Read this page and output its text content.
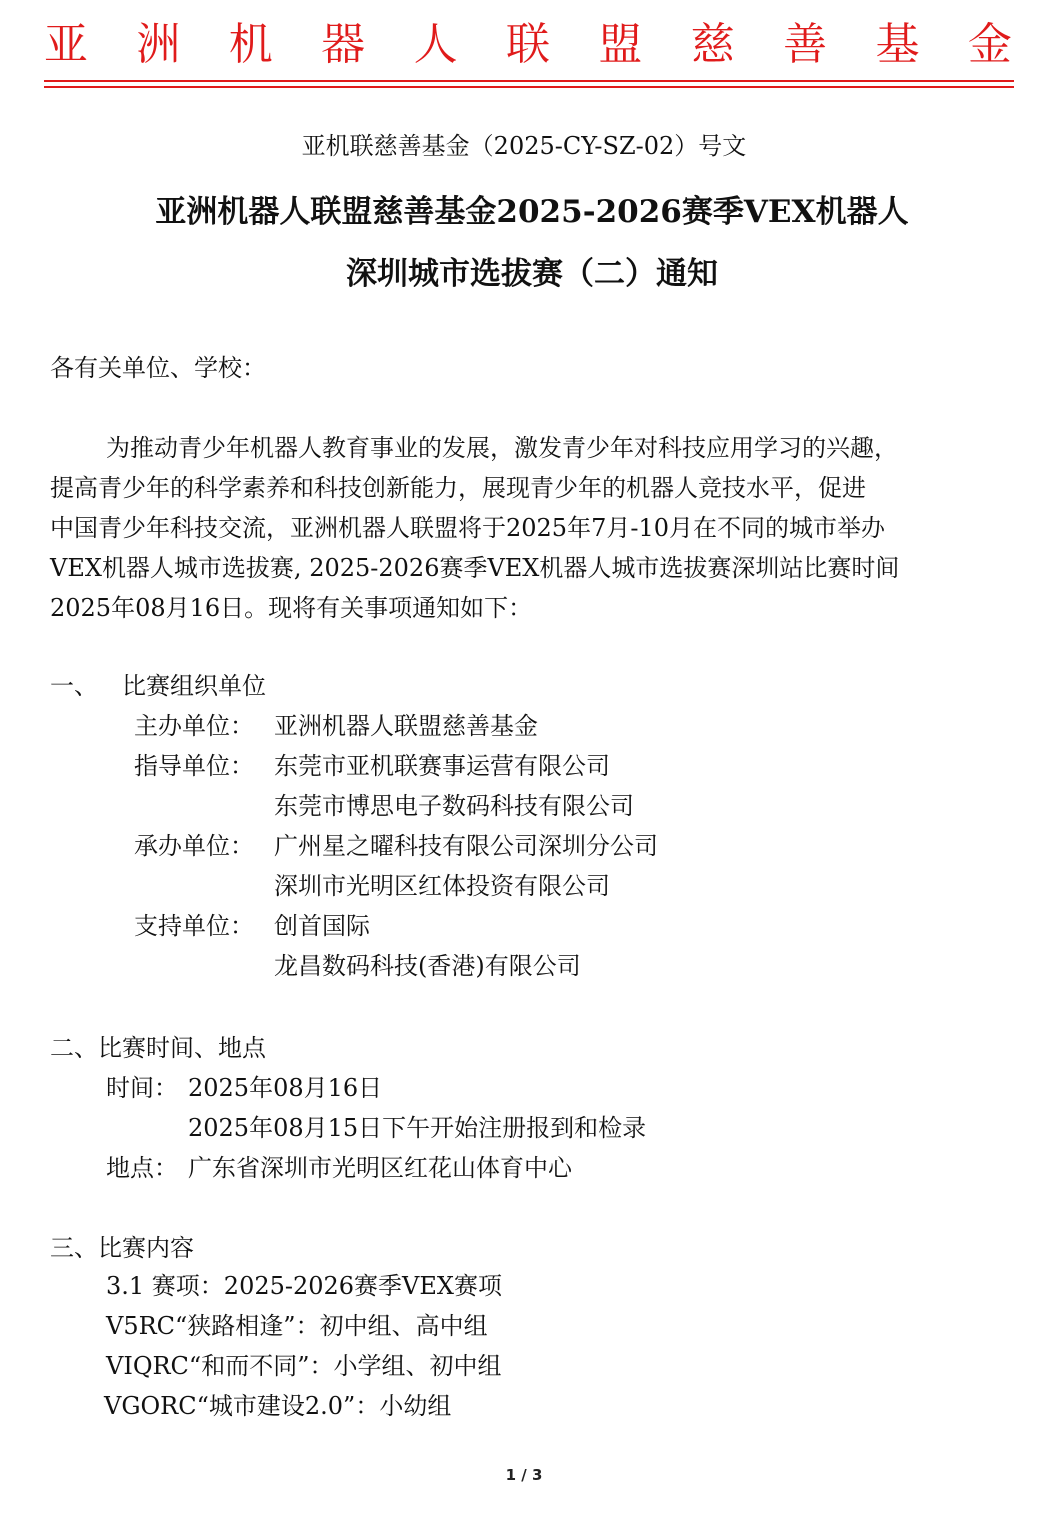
亚 洲 机 器 人 联 盟 慈 善 基 金
亚机联慈善基金（2025-CY-SZ-02）号文
亚洲机器人联盟慈善基金2025-2026赛季VEX机器人
深圳城市选拔赛（二）通知
各有关单位、学校：
为推动青少年机器人教育事业的发展，激发青少年对科技应用学习的兴趣，
提高青少年的科学素养和科技创新能力，展现青少年的机器人竞技水平，促进
中国青少年科技交流，亚洲机器人联盟将于2025年7月-10月在不同的城市举办
VEX机器人城市选拔赛, 2025-2026赛季VEX机器人城市选拔赛深圳站比赛时间
2025年08月16日。现将有关事项通知如下：
一、 比赛组织单位
主办单位： 亚洲机器人联盟慈善基金
指导单位： 东莞市亚机联赛事运营有限公司
东莞市博思电子数码科技有限公司
承办单位： 广州星之曜科技有限公司深圳分公司
深圳市光明区红体投资有限公司
支持单位： 创首国际
龙昌数码科技(香港)有限公司
二、比赛时间、地点
时间： 2025年08月16日
2025年08月15日下午开始注册报到和检录
地点： 广东省深圳市光明区红花山体育中心
三、比赛内容
3.1 赛项：2025-2026赛季VEX赛项
V5RC“狭路相逢”：初中组、高中组
VIQRC“和而不同”：小学组、初中组
VGORC“城市建设2.0”：小幼组
1 / 3
